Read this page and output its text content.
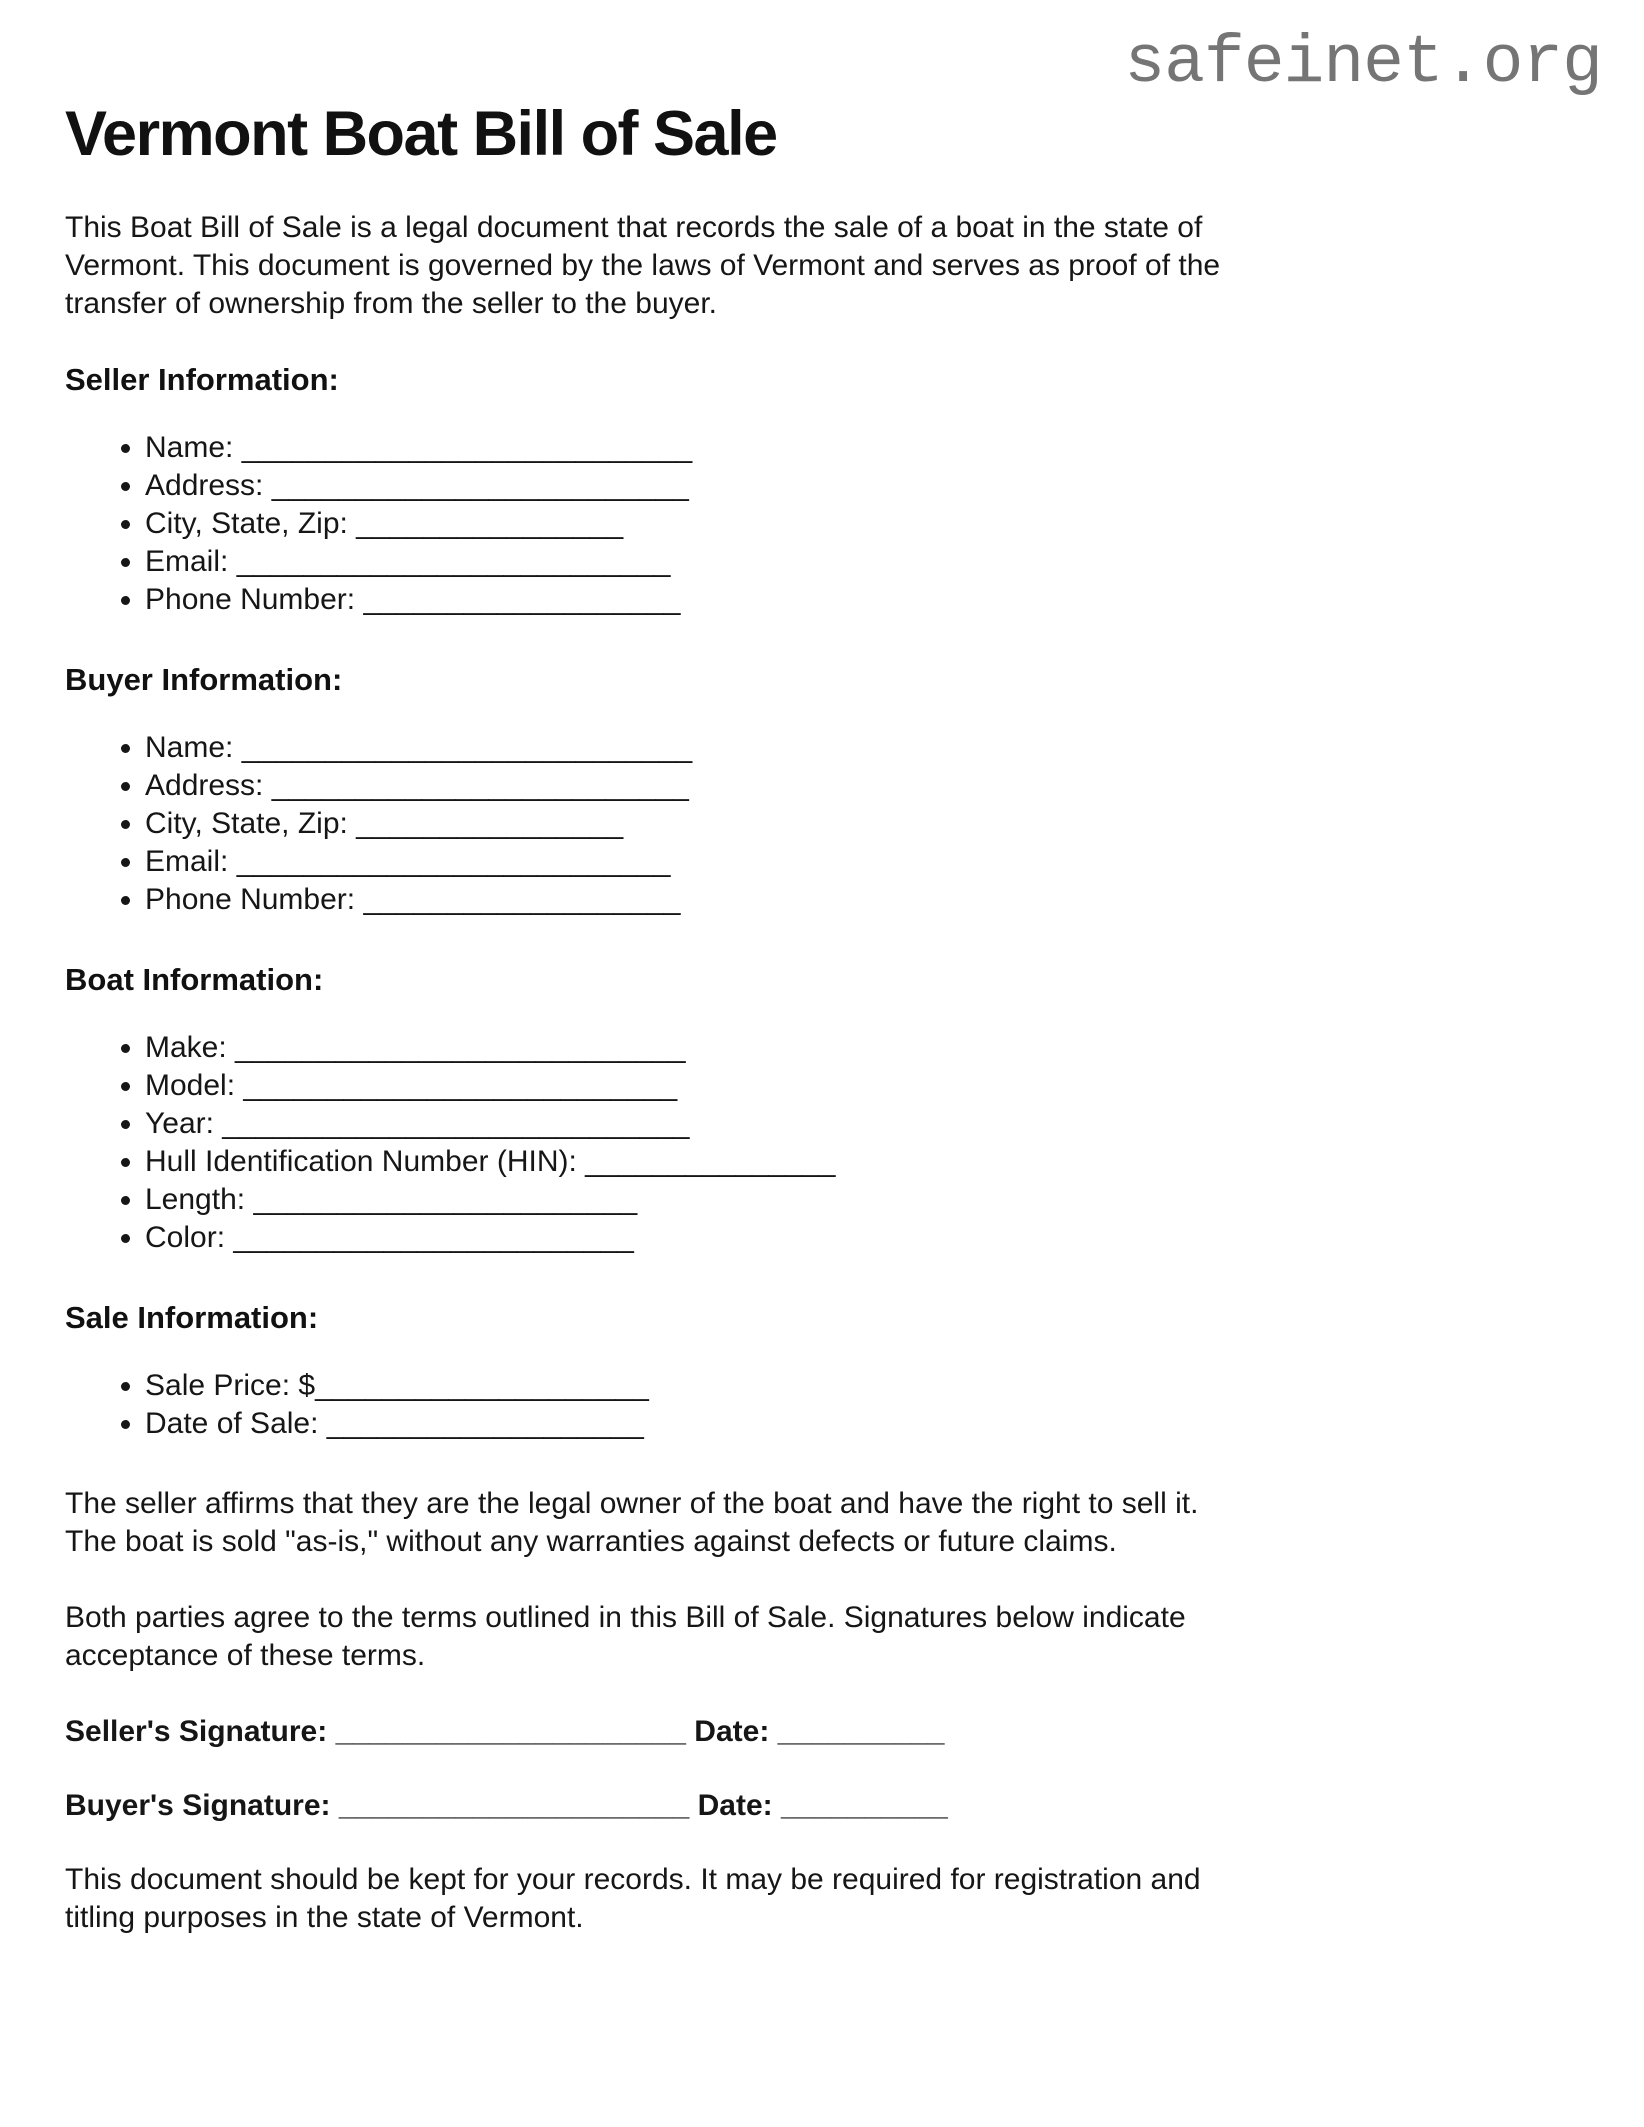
safeinet.org
Vermont Boat Bill of Sale
This Boat Bill of Sale is a legal document that records the sale of a boat in the state of
Vermont. This document is governed by the laws of Vermont and serves as proof of the
transfer of ownership from the seller to the buyer.
Seller Information:
• Name: ___________________________
• Address: _________________________
• City, State, Zip: ________________
• Email: __________________________
• Phone Number: ___________________
Buyer Information:
• Name: ___________________________
• Address: _________________________
• City, State, Zip: ________________
• Email: __________________________
• Phone Number: ___________________
Boat Information:
• Make: ___________________________
• Model: __________________________
• Year: ____________________________
• Hull Identification Number (HIN): _______________
• Length: _______________________
• Color: ________________________
Sale Information:
• Sale Price: $____________________
• Date of Sale: ___________________
The seller affirms that they are the legal owner of the boat and have the right to sell it.
The boat is sold "as-is," without any warranties against defects or future claims.
Both parties agree to the terms outlined in this Bill of Sale. Signatures below indicate
acceptance of these terms.
Seller's Signature: _____________________ Date: __________
Buyer's Signature: _____________________ Date: __________
This document should be kept for your records. It may be required for registration and
titling purposes in the state of Vermont.
